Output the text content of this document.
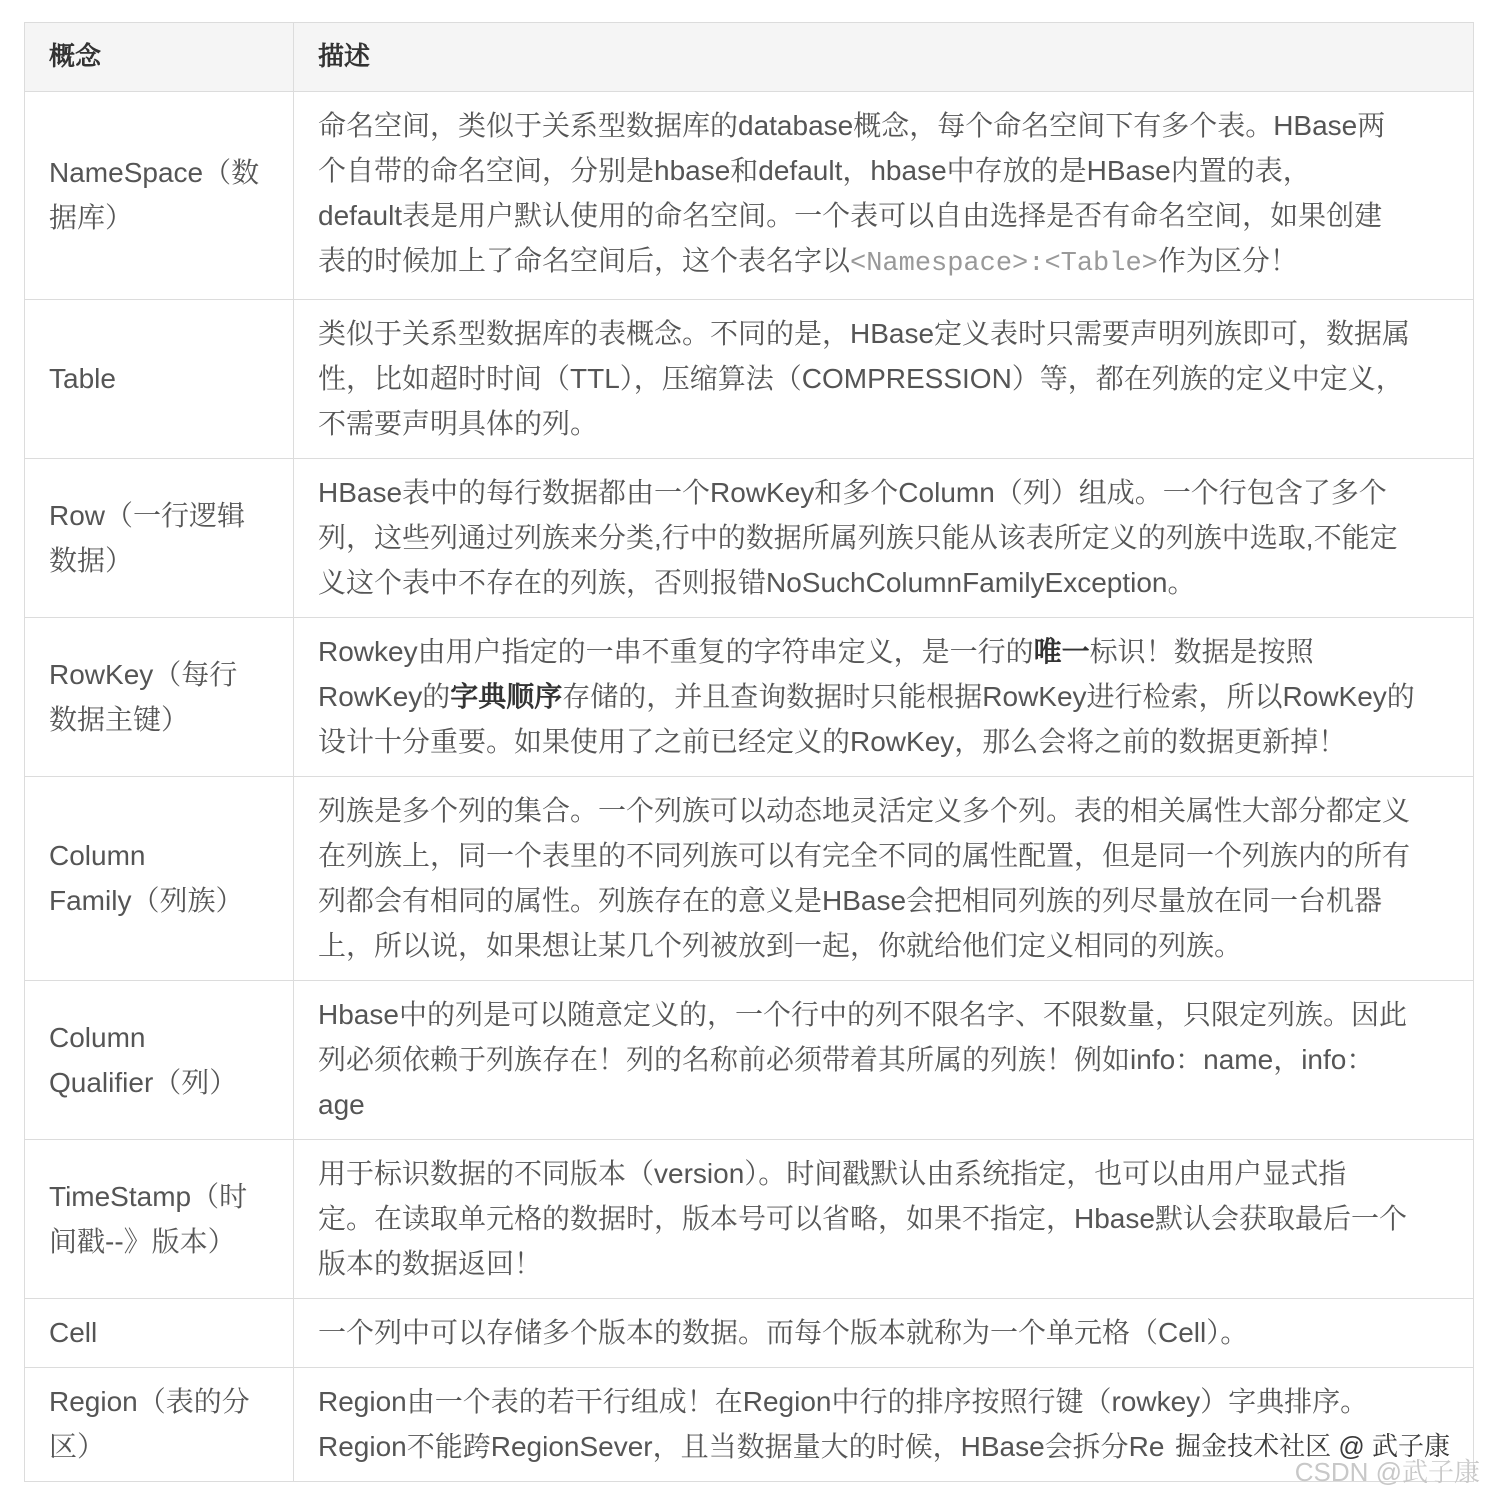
概念	描述

NameSpace（数
据库）	命名空间，类似于关系型数据库的database概念，每个命名空间下有多个表。HBase两
个自带的命名空间，分别是hbase和default，hbase中存放的是HBase内置的表，
default表是用户默认使用的命名空间。一个表可以自由选择是否有命名空间，如果创建
表的时候加上了命名空间后，这个表名字以<Namespace>:<Table>作为区分！

Table	类似于关系型数据库的表概念。不同的是，HBase定义表时只需要声明列族即可，数据属
性，比如超时时间（TTL），压缩算法（COMPRESSION）等，都在列族的定义中定义，
不需要声明具体的列。

Row（一行逻辑
数据）	HBase表中的每行数据都由一个RowKey和多个Column（列）组成。一个行包含了多个
列，这些列通过列族来分类,行中的数据所属列族只能从该表所定义的列族中选取,不能定
义这个表中不存在的列族，否则报错NoSuchColumnFamilyException。

RowKey（每行
数据主键）	Rowkey由用户指定的一串不重复的字符串定义，是一行的唯一标识！数据是按照
RowKey的字典顺序存储的，并且查询数据时只能根据RowKey进行检索，所以RowKey的
设计十分重要。如果使用了之前已经定义的RowKey，那么会将之前的数据更新掉！

Column
Family（列族）	列族是多个列的集合。一个列族可以动态地灵活定义多个列。表的相关属性大部分都定义
在列族上，同一个表里的不同列族可以有完全不同的属性配置，但是同一个列族内的所有
列都会有相同的属性。列族存在的意义是HBase会把相同列族的列尽量放在同一台机器
上，所以说，如果想让某几个列被放到一起，你就给他们定义相同的列族。

Column
Qualifier（列）	Hbase中的列是可以随意定义的，一个行中的列不限名字、不限数量，只限定列族。因此
列必须依赖于列族存在！列的名称前必须带着其所属的列族！例如info：name，info：
age

TimeStamp（时
间戳--》版本）	用于标识数据的不同版本（version）。时间戳默认由系统指定，也可以由用户显式指
定。在读取单元格的数据时，版本号可以省略，如果不指定，Hbase默认会获取最后一个
版本的数据返回！

Cell	一个列中可以存储多个版本的数据。而每个版本就称为一个单元格（Cell）。

Region（表的分
区）	Region由一个表的若干行组成！在Region中行的排序按照行键（rowkey）字典排序。
Region不能跨RegionSever，且当数据量大的时候，HBase会拆分Re 掘金技术社区 @ 武子康
CSDN @武子康
